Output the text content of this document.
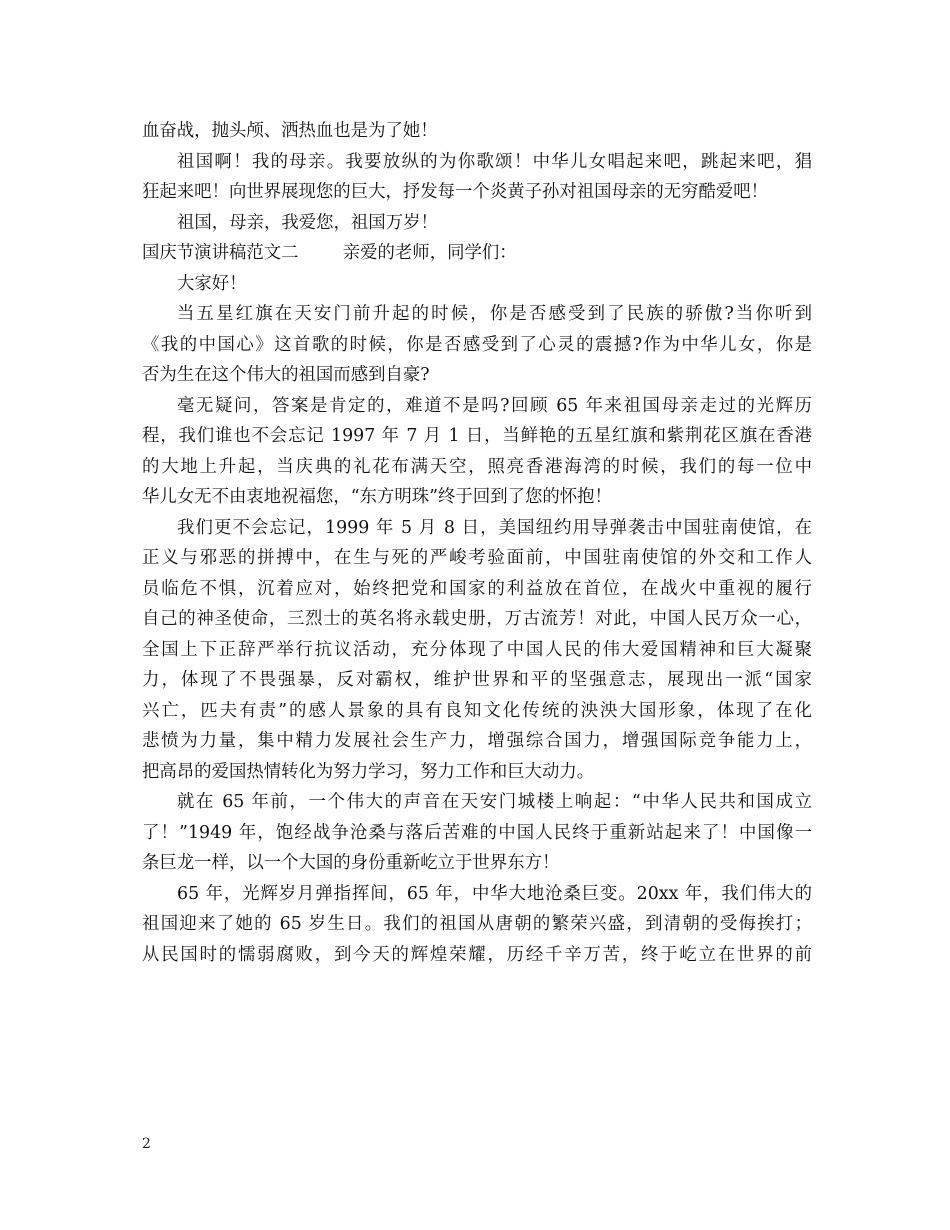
血奋战，抛头颅、洒热血也是为了她！
祖国啊！我的母亲。我要放纵的为你歌颂！中华儿女唱起来吧，跳起来吧，猖
狂起来吧！向世界展现您的巨大，抒发每一个炎黄子孙对祖国母亲的无穷酷爱吧！
祖国，母亲，我爱您，祖国万岁！
国庆节演讲稿范文二        亲爱的老师，同学们：
大家好！
当五星红旗在天安门前升起的时候，你是否感受到了民族的骄傲?当你听到
《我的中国心》这首歌的时候，你是否感受到了心灵的震撼?作为中华儿女，你是
否为生在这个伟大的祖国而感到自豪?
毫无疑问，答案是肯定的，难道不是吗?回顾 65 年来祖国母亲走过的光辉历
程，我们谁也不会忘记 1997 年 7 月 1 日，当鲜艳的五星红旗和紫荆花区旗在香港
的大地上升起，当庆典的礼花布满天空，照亮香港海湾的时候，我们的每一位中
华儿女无不由衷地祝福您，“东方明珠”终于回到了您的怀抱！
我们更不会忘记，1999 年 5 月 8 日，美国纽约用导弹袭击中国驻南使馆，在
正义与邪恶的拼搏中，在生与死的严峻考验面前，中国驻南使馆的外交和工作人
员临危不惧，沉着应对，始终把党和国家的利益放在首位，在战火中重视的履行
自己的神圣使命，三烈士的英名将永载史册，万古流芳！对此，中国人民万众一心，
全国上下正辞严举行抗议活动，充分体现了中国人民的伟大爱国精神和巨大凝聚
力，体现了不畏强暴，反对霸权，维护世界和平的坚强意志，展现出一派“国家
兴亡，匹夫有责”的感人景象的具有良知文化传统的泱泱大国形象，体现了在化
悲愤为力量，集中精力发展社会生产力，增强综合国力，增强国际竞争能力上，
把高昂的爱国热情转化为努力学习，努力工作和巨大动力。
就在 65 年前，一个伟大的声音在天安门城楼上响起：“中华人民共和国成立
了！”1949 年，饱经战争沧桑与落后苦难的中国人民终于重新站起来了！中国像一
条巨龙一样，以一个大国的身份重新屹立于世界东方！
65 年，光辉岁月弹指挥间，65 年，中华大地沧桑巨变。20xx 年，我们伟大的
祖国迎来了她的 65 岁生日。我们的祖国从唐朝的繁荣兴盛，到清朝的受侮挨打；
从民国时的懦弱腐败，到今天的辉煌荣耀，历经千辛万苦，终于屹立在世界的前
2
